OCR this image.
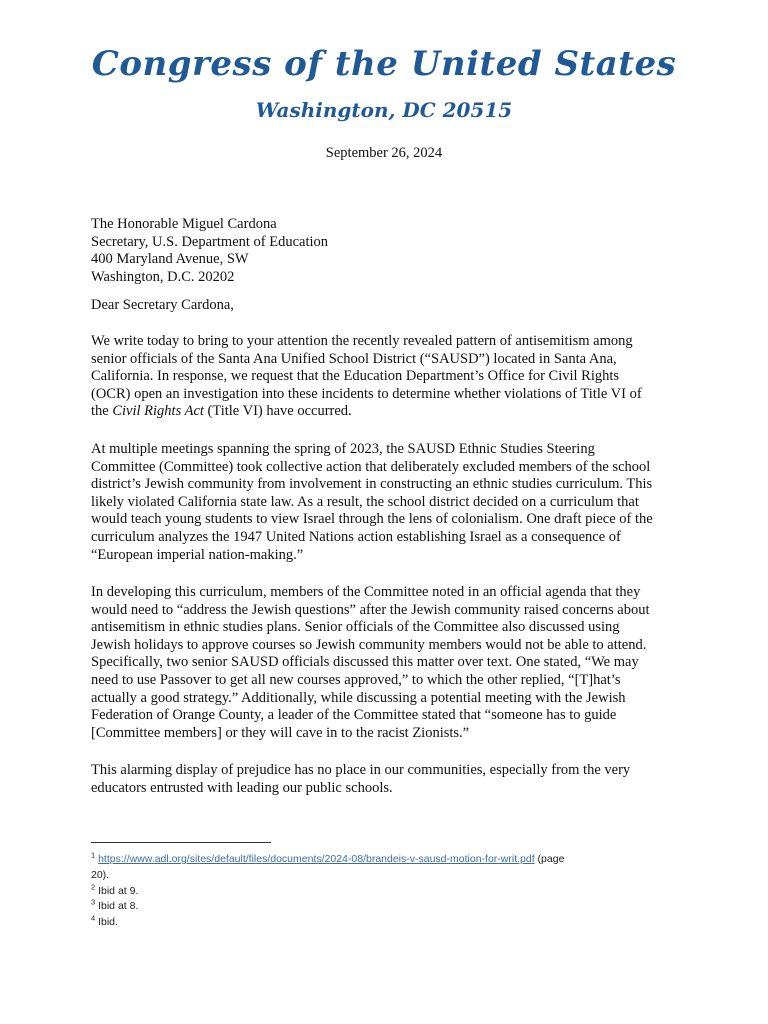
Congress of the United States
Washington, DC 20515
September 26, 2024
The Honorable Miguel Cardona
Secretary, U.S. Department of Education
400 Maryland Avenue, SW
Washington, D.C. 20202
Dear Secretary Cardona,
We write today to bring to your attention the recently revealed pattern of antisemitism among
senior officials of the Santa Ana Unified School District (“SAUSD”) located in Santa Ana,
California. In response, we request that the Education Department’s Office for Civil Rights
(OCR) open an investigation into these incidents to determine whether violations of Title VI of
the Civil Rights Act (Title VI) have occurred.
At multiple meetings spanning the spring of 2023, the SAUSD Ethnic Studies Steering
Committee (Committee) took collective action that deliberately excluded members of the school
district’s Jewish community from involvement in constructing an ethnic studies curriculum. This
likely violated California state law. As a result, the school district decided on a curriculum that
would teach young students to view Israel through the lens of colonialism. One draft piece of the
curriculum analyzes the 1947 United Nations action establishing Israel as a consequence of
“European imperial nation-making.”
In developing this curriculum, members of the Committee noted in an official agenda that they
would need to “address the Jewish questions” after the Jewish community raised concerns about
antisemitism in ethnic studies plans. Senior officials of the Committee also discussed using
Jewish holidays to approve courses so Jewish community members would not be able to attend.
Specifically, two senior SAUSD officials discussed this matter over text. One stated, “We may
need to use Passover to get all new courses approved,” to which the other replied, “[T]hat’s
actually a good strategy.” Additionally, while discussing a potential meeting with the Jewish
Federation of Orange County, a leader of the Committee stated that “someone has to guide
[Committee members] or they will cave in to the racist Zionists.”
This alarming display of prejudice has no place in our communities, especially from the very
educators entrusted with leading our public schools.
$^1$ https://www.adl.org/sites/default/files/documents/2024-08/brandeis-v-sausd-motion-for-writ.pdf (page
20).
$^2$ Ibid at 9.
$^3$ Ibid at 8.
$^4$ Ibid.
